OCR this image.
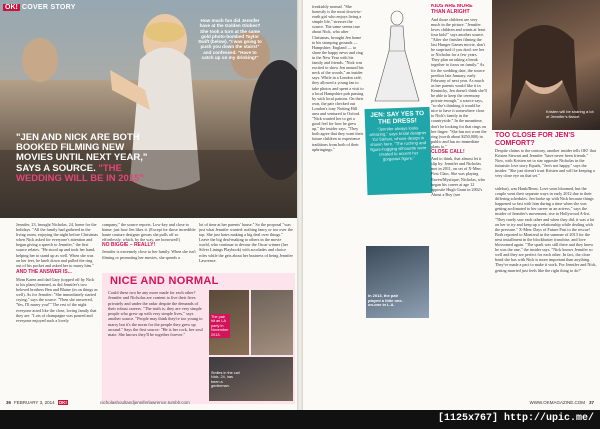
OK! COVER STORY
How much fun did Jennifer have at the Golden Globes? She took a turn at the same gold photo-bombed Taylor Swift (below). "I was going to push you down the stairs!" and confessed. "Have to catch up on my drinking!"
"JEN AND NICK ARE BOTH BOOKED FILMING NEW MOVIES UNTIL NEXT YEAR," SAYS A SOURCE. "THE WEDDING WILL BE IN 2015"

Jennifer, 23, brought Nicholas, 24, home for the holidays. "All the family had gathered in the living room, enjoying the night before Christmas when Nick asked for everyone's attention and began giving a speech to Jennifer," the first source relates. "He stood up and took her hand, helping her to stand up as well. When she was on her feet, he knelt down and pulled the ring out of his pocket and asked her to marry him."

AND THE ANSWER IS...

Mom Karen and dad Gary (topped off by Nick to his plans) beamed, as did Jennifer's two beloved brothers Ben and Blaine (in on things as well). As for Jennifer: "She immediately started crying," says the source. "Then she answered, 'Yes, I'll marry you!'" The rest of the night everyone acted like the close, loving family that they are. "Lots of champagne was poured and everyone enjoyed such a lovely

company," the source reports. Low-key and close to home: just how Jen likes it. (Except for those incredible haute couture designer gowns she pulls off so effortlessly, which, by the way, are borrowed!)

NO BIGGIE – REALLY!

Jennifer is extremely close to her family. When she isn't filming or promoting her movies, she spends a

lot of time at her parents' house." So the proposal "was just what Jennifer wanted: nothing fancy or too over the top. She just hates making a big deal over things." Leave the big deal-making to others in the movie world, who continue to devour the Oscar winner (her Silver Linings Playbook) with accolades and choice roles while the gets about her business of being Jennifer Lawrence.

NICE AND NORMAL
Could these two be any more made for each other? Jennifer and Nicholas are content to live their lives privately and under the radar despite the demands of their robust careers. "The truth is, they are very simple people who grew up with very simple lives," says another source. "People may think they're too young to marry but it's the norm for the people they grew up around." Says the first source: "He is her rock, her soul mate. She knows they'll be together forever."
The pair hit an LA party in November 2013.
Smiles in the car! Nick, 24, has been a gentleman.
36 FEBRUARY 3, 2014 OK!	nicholashoultandjenniferlawrence.tumblr.com
freakishly normal. "She honestly is the most down-to-earth girl who enjoys living a simple life," stresses the source. The same seems true about Nick, who after Christmas, brought Jen home to his stomping grounds — Hampshire, England — to share the happy news and ring in the New Year with his family and friends. "Nick was excited to show Jen around his neck of the woods," an insider says. While in a London café, they allowed a young fan to take photos and spent a visit to a local Hampshire pub passing by with local patrons. On their own, the pair checked out London's tony Notting Hill area and ventured to Oxford. "Nick wanted her to get a good feel for how he grew up," the insider says. "They both agree that they want their future children to experience traditions from both of their upbringings."
JEN: SAY YES TO THE DRESS!
"Jennifer always looks amazing," says bridal designer Yol Stefani, whose design is shown here. "The ruching and figure-hugging silhouette were created to accent her gorgeous figure."
In 2013, the pair played a little one-on-one in L.A.

KIDS ARE MORE THAN ALRIGHT

And those children are very much in the picture. "Jennifer loves children and wants at least four kids!" says another source. "After she finishes filming the last Hunger Games movie, don't be surprised if you don't see her or Nicholas for a few years. They plan on taking a break together to focus on family." As for the wedding date, the source predicts late January, early February of next year. As much as her parents would like it in Kentucky, Jen doesn't think she'll be able to keep the ceremony private enough," a source says, "so she's thinking it would be nice to have it somewhere close to Nick's family in the countryside." In the meantime, don't be looking for that rings on her finger: "She has not worn the ring (worth about $250,000) in public and has no immediate plans to."

CLOSE CALL!

And to think, that almost let it slip by: Jennifer and Nicholas met in 2011, on set of X-Men: First Class. She was playing Raven/Mystique; Nicholas, who began his career at age 12 opposite Hugh Grant in 2002's About a Boy (see

Kristen will be sharing a lot of Jennifer's fiancé.
TOO CLOSE FOR JEN'S COMFORT?
Despite claims to the contrary, another insider tells OK! that Kristen Stewart and Jennifer "have never been friends." Now, with Kristen set to star opposite Nicholas in the futuristic love story Equals, "Jen's not happy," says the insider. "She just doesn't trust Kristen and will be keeping a very close eye on that set."
sidebar), was Hank/Beast. Love soon bloomed, but the couple went their separate ways in early 2012 due to their differing schedules. Jen broke up with Nick because things happened so fast with him during a time when she was getting acclimated to her career as an actress," says the insider of Jennifer's movement, rise to Hollywood A-list. "They rarely saw each other and when they did, it was a lot on her to try and keep up a relationship while dealing with the pressure." X-Men: Days of Future Past to the rescue! Both reported to Montreal in the summer of 2013 for the next installment in the blockbuster franchise, and love blossomed again. "The spark was still there and they knew he was the one," the insider says. "Nick knows Jennifer so well and they are perfect for each other. In fact, the close bond she has with Nick is more important than anything. They've made a pact to make it work. For Jennifer and Nick, getting married just feels like the right thing to do!"
WWW.OKMAGAZINE.COM 37
[1125x767] http://upic.me/
